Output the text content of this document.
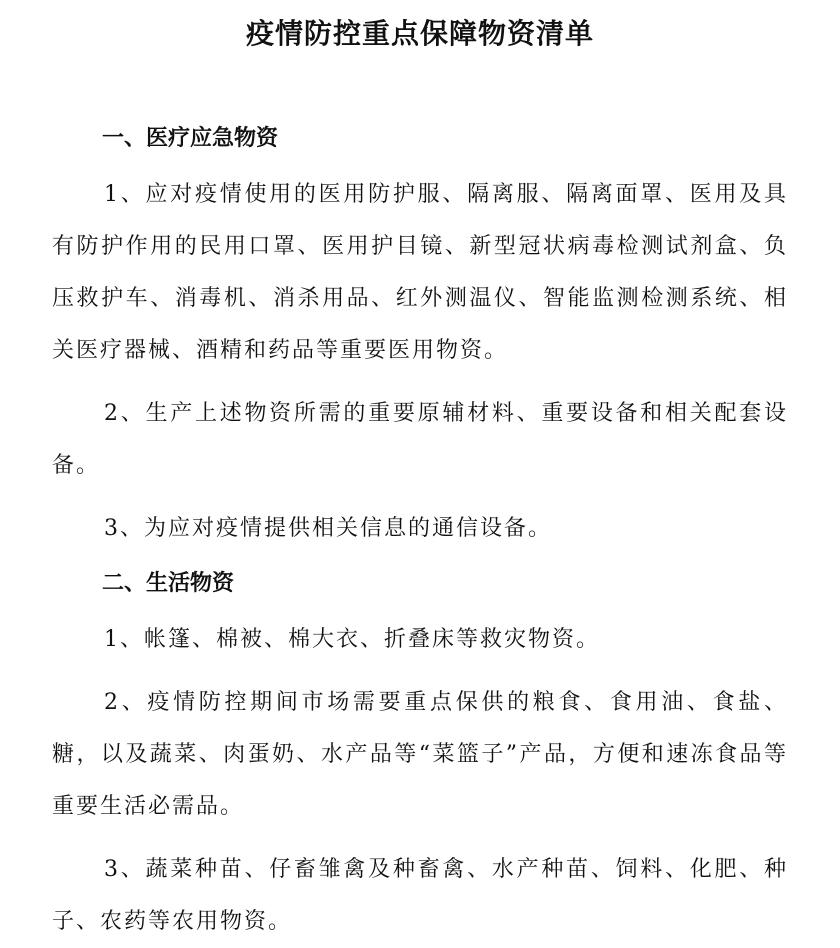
疫情防控重点保障物资清单
一、医疗应急物资

1、应对疫情使用的医用防护服、隔离服、隔离面罩、医用及具有防护作用的民用口罩、医用护目镜、新型冠状病毒检测试剂盒、负压救护车、消毒机、消杀用品、红外测温仪、智能监测检测系统、相关医疗器械、酒精和药品等重要医用物资。

2、生产上述物资所需的重要原辅材料、重要设备和相关配套设备。

3、为应对疫情提供相关信息的通信设备。

二、生活物资

1、帐篷、棉被、棉大衣、折叠床等救灾物资。

2、疫情防控期间市场需要重点保供的粮食、食用油、食盐、糖，以及蔬菜、肉蛋奶、水产品等“菜篮子”产品，方便和速冻食品等重要生活必需品。

3、蔬菜种苗、仔畜雏禽及种畜禽、水产种苗、饲料、化肥、种子、农药等农用物资。
